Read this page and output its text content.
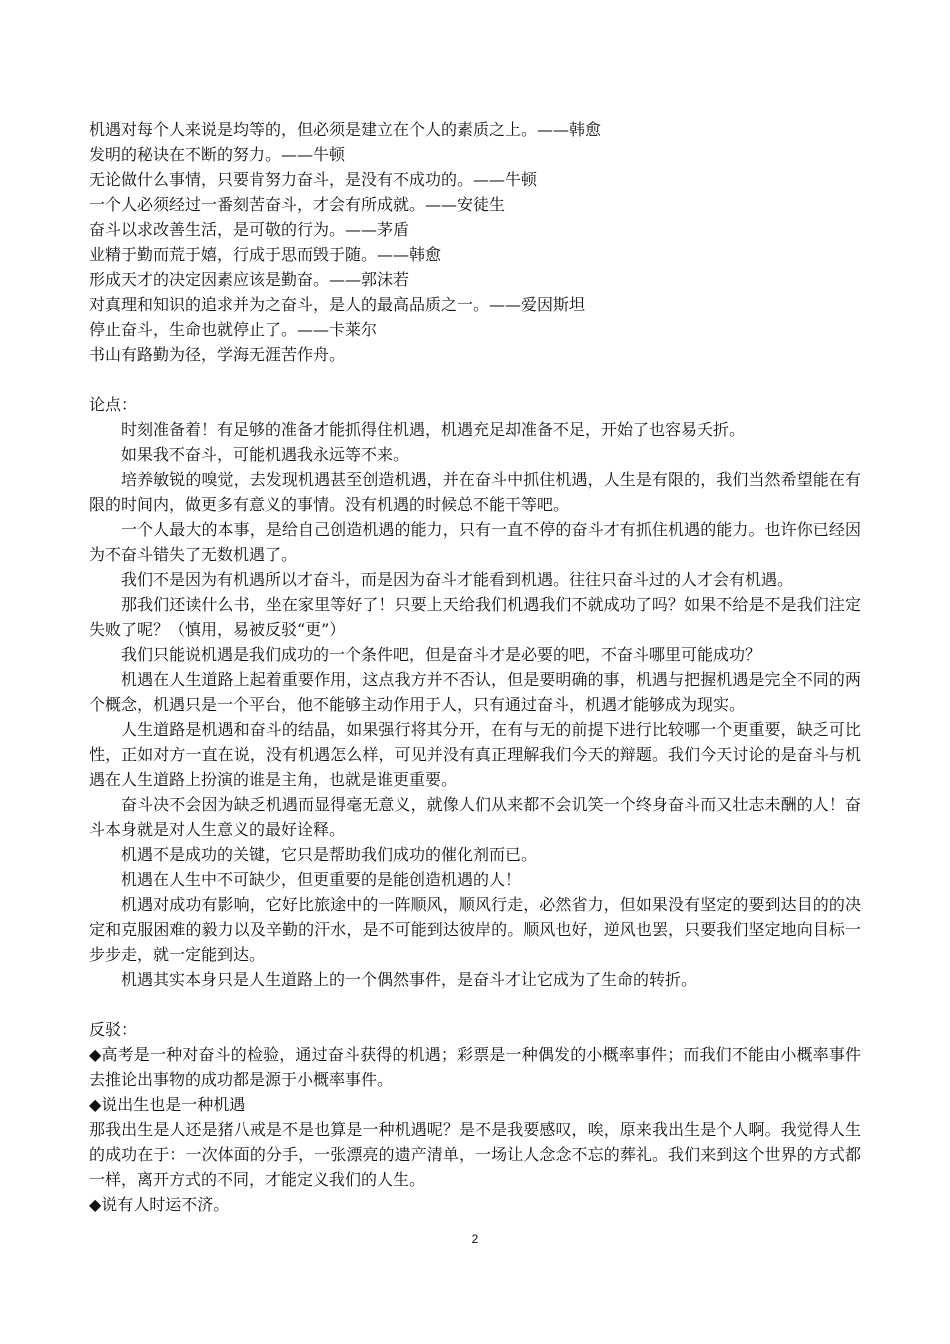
机遇对每个人来说是均等的，但必须是建立在个人的素质之上。——韩愈
发明的秘诀在不断的努力。——牛顿
无论做什么事情，只要肯努力奋斗，是没有不成功的。——牛顿
一个人必须经过一番刻苦奋斗，才会有所成就。——安徒生
奋斗以求改善生活，是可敬的行为。——茅盾
业精于勤而荒于嬉，行成于思而毁于随。——韩愈
形成天才的决定因素应该是勤奋。——郭沫若
对真理和知识的追求并为之奋斗，是人的最高品质之一。——爱因斯坦
停止奋斗，生命也就停止了。——卡莱尔
书山有路勤为径，学海无涯苦作舟。
论点：
时刻准备着！有足够的准备才能抓得住机遇，机遇充足却准备不足，开始了也容易夭折。
如果我不奋斗，可能机遇我永远等不来。
培养敏锐的嗅觉，去发现机遇甚至创造机遇，并在奋斗中抓住机遇，人生是有限的，我们当然希望能在有限的时间内，做更多有意义的事情。没有机遇的时候总不能干等吧。
一个人最大的本事，是给自己创造机遇的能力，只有一直不停的奋斗才有抓住机遇的能力。也许你已经因为不奋斗错失了无数机遇了。
我们不是因为有机遇所以才奋斗，而是因为奋斗才能看到机遇。往往只奋斗过的人才会有机遇。
那我们还读什么书，坐在家里等好了！只要上天给我们机遇我们不就成功了吗？如果不给是不是我们注定失败了呢？（慎用，易被反驳“更”）
我们只能说机遇是我们成功的一个条件吧，但是奋斗才是必要的吧，不奋斗哪里可能成功？
机遇在人生道路上起着重要作用，这点我方并不否认，但是要明确的事，机遇与把握机遇是完全不同的两个概念，机遇只是一个平台，他不能够主动作用于人，只有通过奋斗，机遇才能够成为现实。
人生道路是机遇和奋斗的结晶，如果强行将其分开，在有与无的前提下进行比较哪一个更重要，缺乏可比性，正如对方一直在说，没有机遇怎么样，可见并没有真正理解我们今天的辩题。我们今天讨论的是奋斗与机遇在人生道路上扮演的谁是主角，也就是谁更重要。
奋斗决不会因为缺乏机遇而显得毫无意义，就像人们从来都不会讥笑一个终身奋斗而又壮志未酬的人！奋斗本身就是对人生意义的最好诠释。
机遇不是成功的关键，它只是帮助我们成功的催化剂而已。
机遇在人生中不可缺少，但更重要的是能创造机遇的人！
机遇对成功有影响，它好比旅途中的一阵顺风，顺风行走，必然省力，但如果没有坚定的要到达目的的决定和克服困难的毅力以及辛勤的汗水，是不可能到达彼岸的。顺风也好，逆风也罢，只要我们坚定地向目标一步步走，就一定能到达。
机遇其实本身只是人生道路上的一个偶然事件，是奋斗才让它成为了生命的转折。
反驳：
◆高考是一种对奋斗的检验，通过奋斗获得的机遇；彩票是一种偶发的小概率事件；而我们不能由小概率事件去推论出事物的成功都是源于小概率事件。
◆说出生也是一种机遇
那我出生是人还是猪八戒是不是也算是一种机遇呢？是不是我要感叹，唉，原来我出生是个人啊。我觉得人生的成功在于：一次体面的分手，一张漂亮的遗产清单，一场让人念念不忘的葬礼。我们来到这个世界的方式都一样，离开方式的不同，才能定义我们的人生。
◆说有人时运不济。
2
